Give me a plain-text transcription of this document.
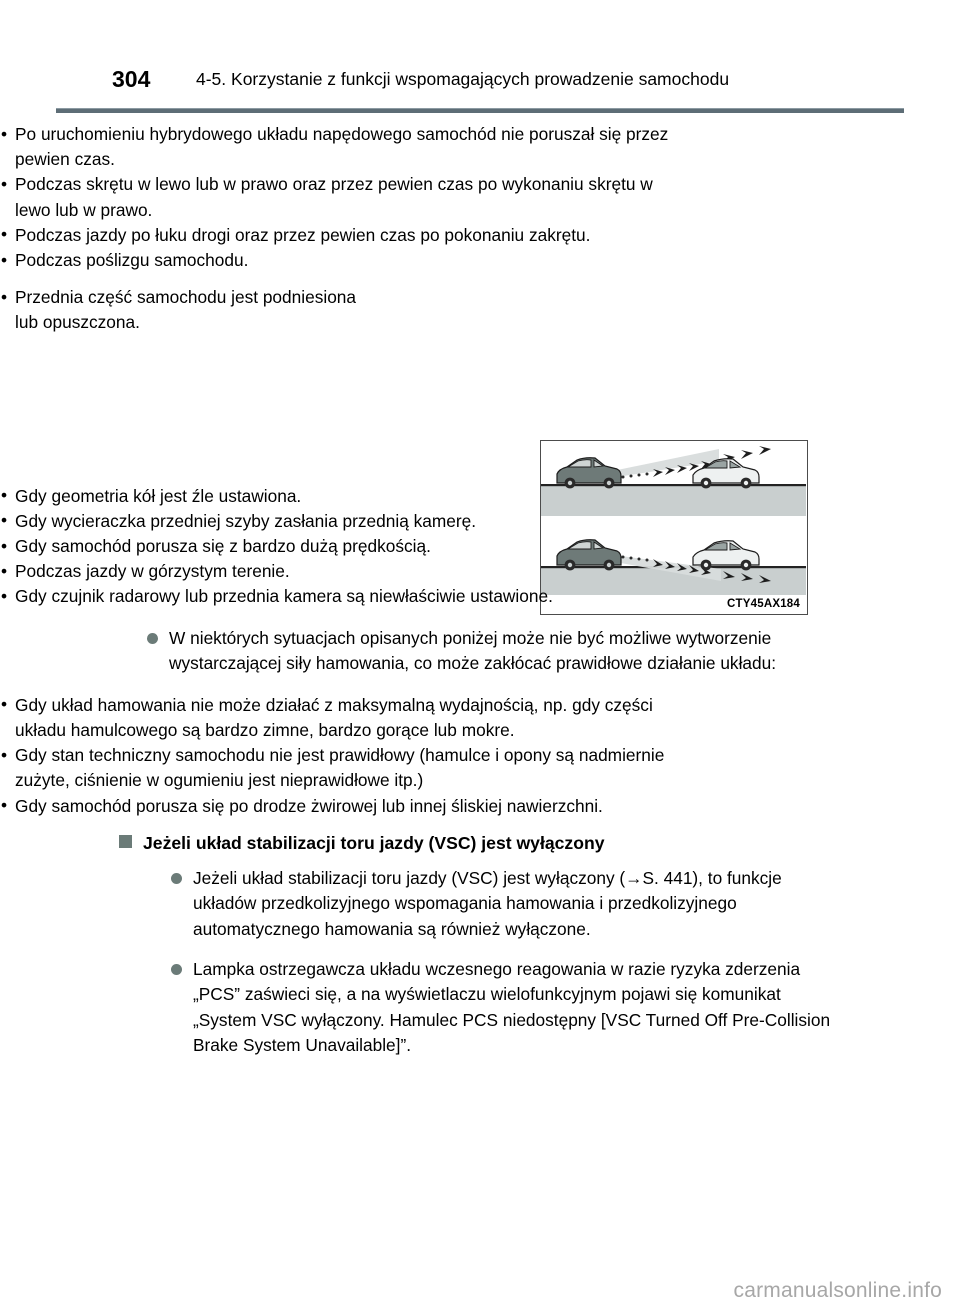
304	4-5. Korzystanie z funkcji wspomagających prowadzenie samochodu
• Po uruchomieniu hybrydowego układu napędowego samochód nie poruszał się przez pewien czas.
• Podczas skrętu w lewo lub w prawo oraz przez pewien czas po wykonaniu skrętu w lewo lub w prawo.
• Podczas jazdy po łuku drogi oraz przez pewien czas po pokonaniu zakrętu.
• Podczas poślizgu samochodu.
• Przednia część samochodu jest podniesiona lub opuszczona.
CTY45AX184
• Gdy geometria kół jest źle ustawiona.
• Gdy wycieraczka przedniej szyby zasłania przednią kamerę.
• Gdy samochód porusza się z bardzo dużą prędkością.
• Podczas jazdy w górzystym terenie.
• Gdy czujnik radarowy lub przednia kamera są niewłaściwie ustawione.
W niektórych sytuacjach opisanych poniżej może nie być możliwe wytworzenie wystarczającej siły hamowania, co może zakłócać prawidłowe działanie układu:
• Gdy układ hamowania nie może działać z maksymalną wydajnością, np. gdy części układu hamulcowego są bardzo zimne, bardzo gorące lub mokre.
• Gdy stan techniczny samochodu nie jest prawidłowy (hamulce i opony są nadmiernie zużyte, ciśnienie w ogumieniu jest nieprawidłowe itp.)
• Gdy samochód porusza się po drodze żwirowej lub innej śliskiej nawierzchni.
Jeżeli układ stabilizacji toru jazdy (VSC) jest wyłączony
Jeżeli układ stabilizacji toru jazdy (VSC) jest wyłączony (→S. 441), to funkcje układów przedkolizyjnego wspomagania hamowania i przedkolizyjnego automatycznego hamowania są również wyłączone.
Lampka ostrzegawcza układu wczesnego reagowania w razie ryzyka zderzenia „PCS” zaświeci się, a na wyświetlaczu wielofunkcyjnym pojawi się komunikat „System VSC wyłączony. Hamulec PCS niedostępny [VSC Turned Off Pre-Collision Brake System Unavailable]”.
carmanualsonline.info
